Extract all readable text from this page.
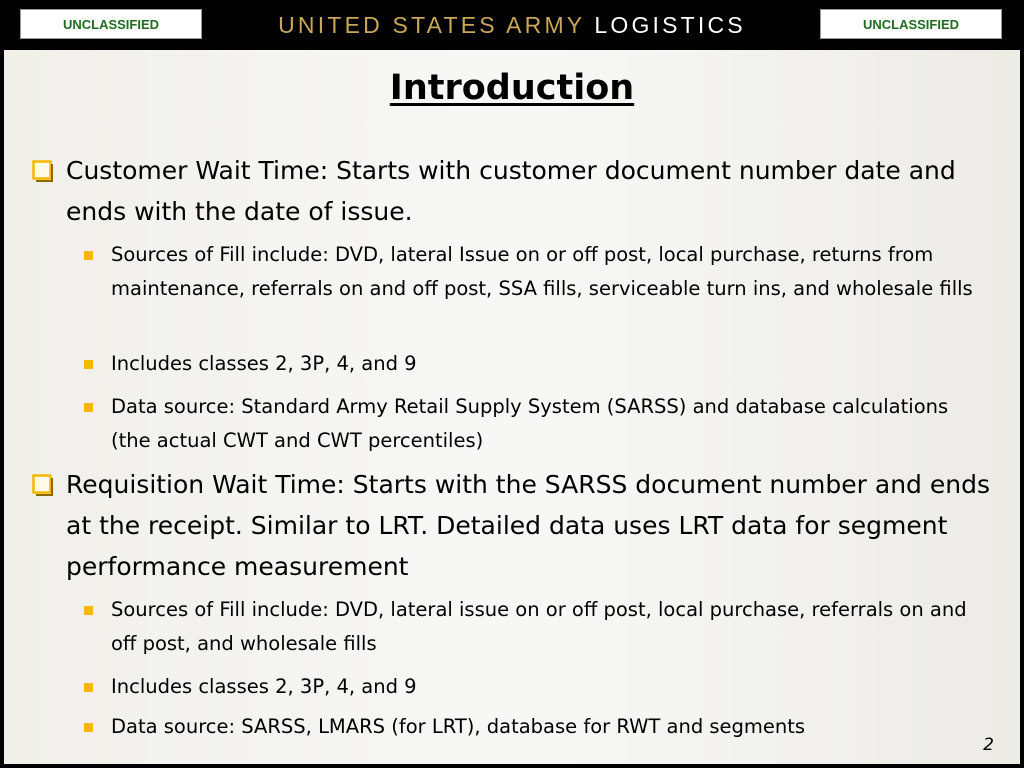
UNCLASSIFIED	UNITED STATES ARMY LOGISTICS	UNCLASSIFIED
Introduction
Customer Wait Time: Starts with customer document number date and ends with the date of issue.
Sources of Fill include: DVD, lateral Issue on or off post, local purchase, returns from maintenance, referrals on and off post, SSA fills, serviceable turn ins, and wholesale fills
Includes classes 2, 3P, 4, and 9
Data source: Standard Army Retail Supply System (SARSS) and database calculations (the actual CWT and CWT percentiles)
Requisition Wait Time: Starts with the SARSS document number and ends at the receipt. Similar to LRT. Detailed data uses LRT data for segment performance measurement
Sources of Fill include: DVD, lateral issue on or off post, local purchase, referrals on and off post, and wholesale fills
Includes classes 2, 3P, 4, and 9
Data source: SARSS, LMARS (for LRT), database for RWT and segments
2
